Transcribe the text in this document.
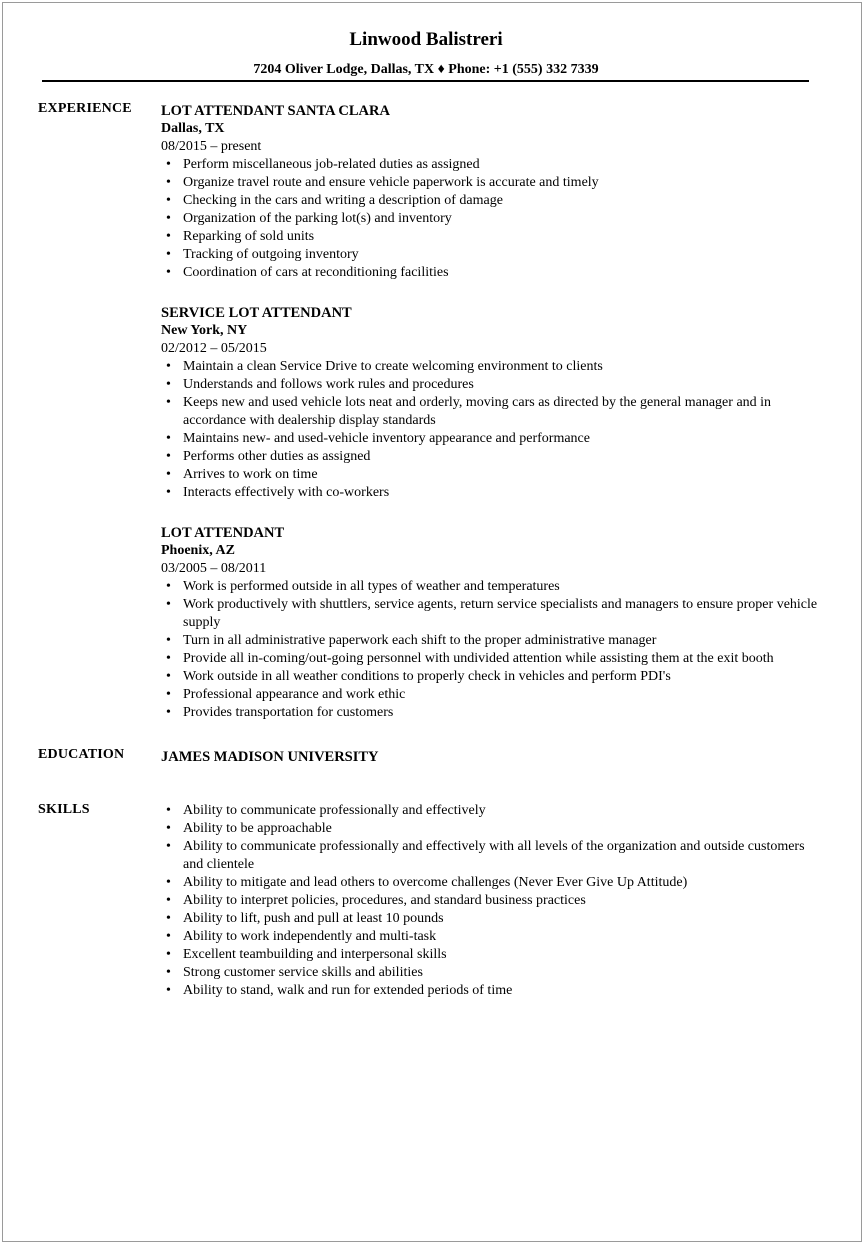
Linwood Balistreri
7204 Oliver Lodge, Dallas, TX ♦ Phone: +1 (555) 332 7339
EXPERIENCE LOT ATTENDANT SANTA CLARA
Dallas, TX
08/2015 – present
• Perform miscellaneous job-related duties as assigned
• Organize travel route and ensure vehicle paperwork is accurate and timely
• Checking in the cars and writing a description of damage
• Organization of the parking lot(s) and inventory
• Reparking of sold units
• Tracking of outgoing inventory
• Coordination of cars at reconditioning facilities
SERVICE LOT ATTENDANT
New York, NY
02/2012 – 05/2015
• Maintain a clean Service Drive to create welcoming environment to clients
• Understands and follows work rules and procedures
• Keeps new and used vehicle lots neat and orderly, moving cars as directed by the general manager and in accordance with dealership display standards
• Maintains new- and used-vehicle inventory appearance and performance
• Performs other duties as assigned
• Arrives to work on time
• Interacts effectively with co-workers
LOT ATTENDANT
Phoenix, AZ
03/2005 – 08/2011
• Work is performed outside in all types of weather and temperatures
• Work productively with shuttlers, service agents, return service specialists and managers to ensure proper vehicle supply
• Turn in all administrative paperwork each shift to the proper administrative manager
• Provide all in-coming/out-going personnel with undivided attention while assisting them at the exit booth
• Work outside in all weather conditions to properly check in vehicles and perform PDI's
• Professional appearance and work ethic
• Provides transportation for customers
EDUCATION	JAMES MADISON UNIVERSITY
SKILLS
•	Ability to communicate professionally and effectively
• Ability to be approachable
• Ability to communicate professionally and effectively with all levels of the organization and outside customers and clientele
• Ability to mitigate and lead others to overcome challenges (Never Ever Give Up Attitude)
• Ability to interpret policies, procedures, and standard business practices
• Ability to lift, push and pull at least 10 pounds
• Ability to work independently and multi-task
• Excellent teambuilding and interpersonal skills
• Strong customer service skills and abilities
• Ability to stand, walk and run for extended periods of time
